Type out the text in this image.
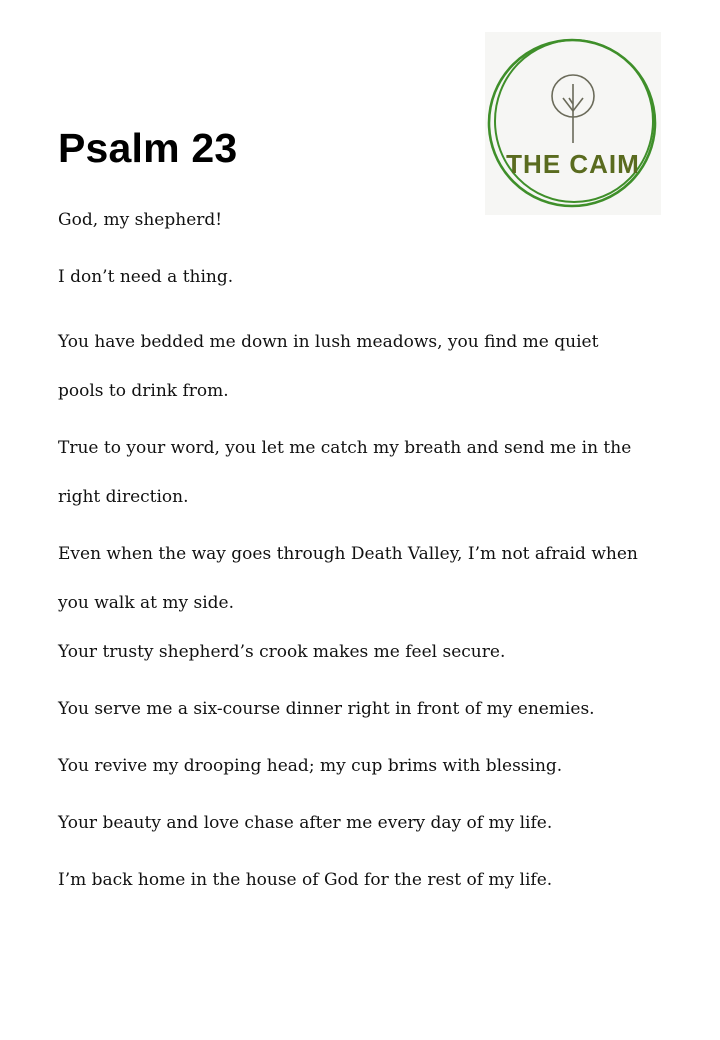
Psalm 23	THE CAIM

God, my shepherd!

I don’t need a thing.

You have bedded me down in lush meadows, you find me quiet
pools to drink from.

True to your word, you let me catch my breath and send me in the
right direction.

Even when the way goes through Death Valley, I’m not afraid when
you walk at my side.

Your trusty shepherd’s crook makes me feel secure.

You serve me a six-course dinner right in front of my enemies.

You revive my drooping head; my cup brims with blessing.

Your beauty and love chase after me every day of my life.

I’m back home in the house of God for the rest of my life.
